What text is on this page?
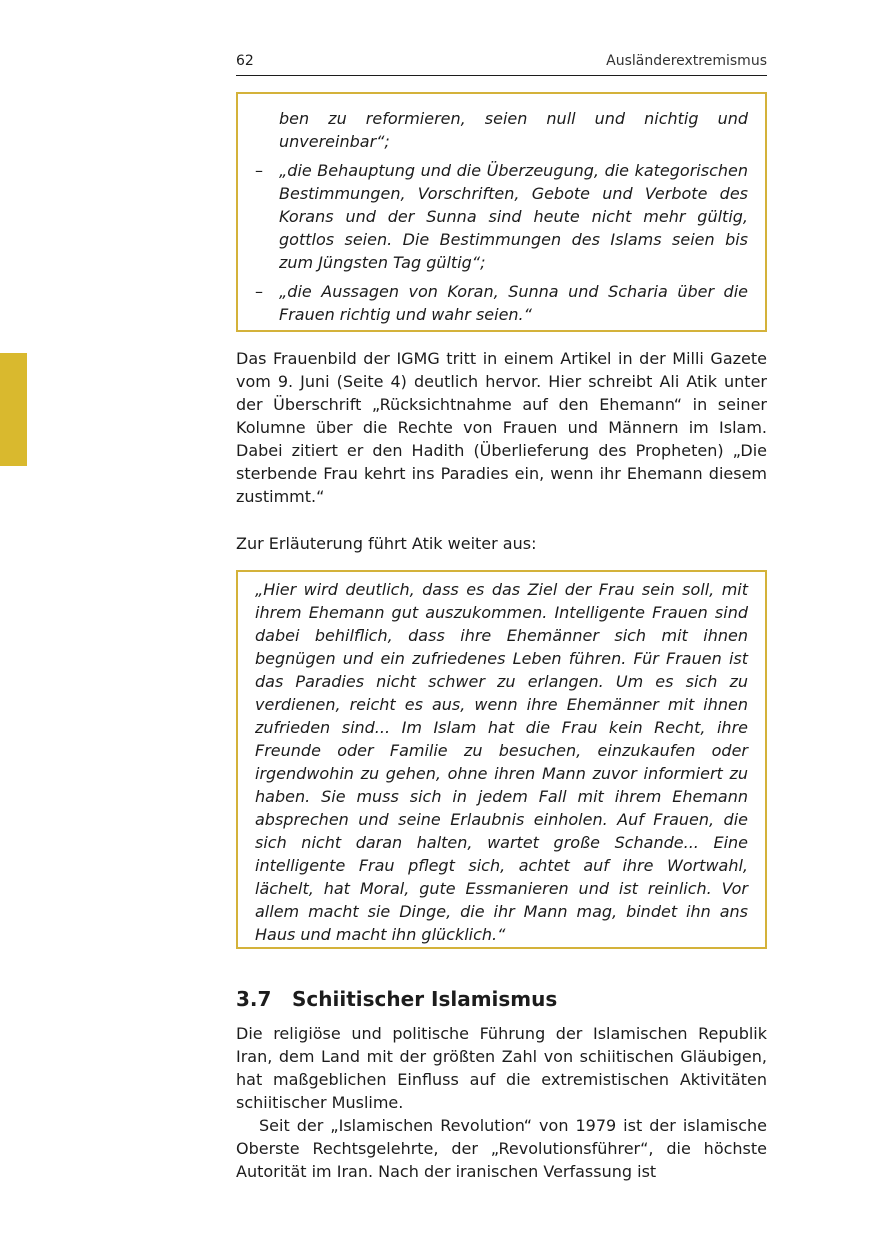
62	Ausländerextremismus
ben zu reformieren, seien null und nichtig und unvereinbar“;
– „die Behauptung und die Überzeugung, die kategorischen Bestimmungen, Vorschriften, Gebote und Verbote des Korans und der Sunna sind heute nicht mehr gültig, gottlos seien. Die Bestimmungen des Islams seien bis zum Jüngsten Tag gültig“;
– „die Aussagen von Koran, Sunna und Scharia über die Frauen richtig und wahr seien.“
Das Frauenbild der IGMG tritt in einem Artikel in der Milli Gazete vom 9. Juni (Seite 4) deutlich hervor. Hier schreibt Ali Atik unter der Überschrift „Rücksichtnahme auf den Ehemann“ in seiner Kolumne über die Rechte von Frauen und Männern im Islam. Dabei zitiert er den Hadith (Überlieferung des Propheten) „Die sterbende Frau kehrt ins Paradies ein, wenn ihr Ehemann diesem zustimmt.“
Zur Erläuterung führt Atik weiter aus:
„Hier wird deutlich, dass es das Ziel der Frau sein soll, mit ihrem Ehemann gut auszukommen. Intelligente Frauen sind dabei behilflich, dass ihre Ehemänner sich mit ihnen begnügen und ein zufriedenes Leben führen. Für Frauen ist das Paradies nicht schwer zu erlangen. Um es sich zu verdienen, reicht es aus, wenn ihre Ehemänner mit ihnen zufrieden sind... Im Islam hat die Frau kein Recht, ihre Freunde oder Familie zu besuchen, einzukaufen oder irgendwohin zu gehen, ohne ihren Mann zuvor informiert zu haben. Sie muss sich in jedem Fall mit ihrem Ehemann absprechen und seine Erlaubnis einholen. Auf Frauen, die sich nicht daran halten, wartet große Schande... Eine intelligente Frau pflegt sich, achtet auf ihre Wortwahl, lächelt, hat Moral, gute Essmanieren und ist reinlich. Vor allem macht sie Dinge, die ihr Mann mag, bindet ihn ans Haus und macht ihn glücklich.“
3.7 Schiitischer Islamismus
Die religiöse und politische Führung der Islamischen Republik Iran, dem Land mit der größten Zahl von schiitischen Gläubigen, hat maßgeblichen Einfluss auf die extremistischen Aktivitäten schiitischer Muslime.
Seit der „Islamischen Revolution“ von 1979 ist der islamische Oberste Rechtsgelehrte, der „Revolutionsführer“, die höchste Autorität im Iran. Nach der iranischen Verfassung ist
